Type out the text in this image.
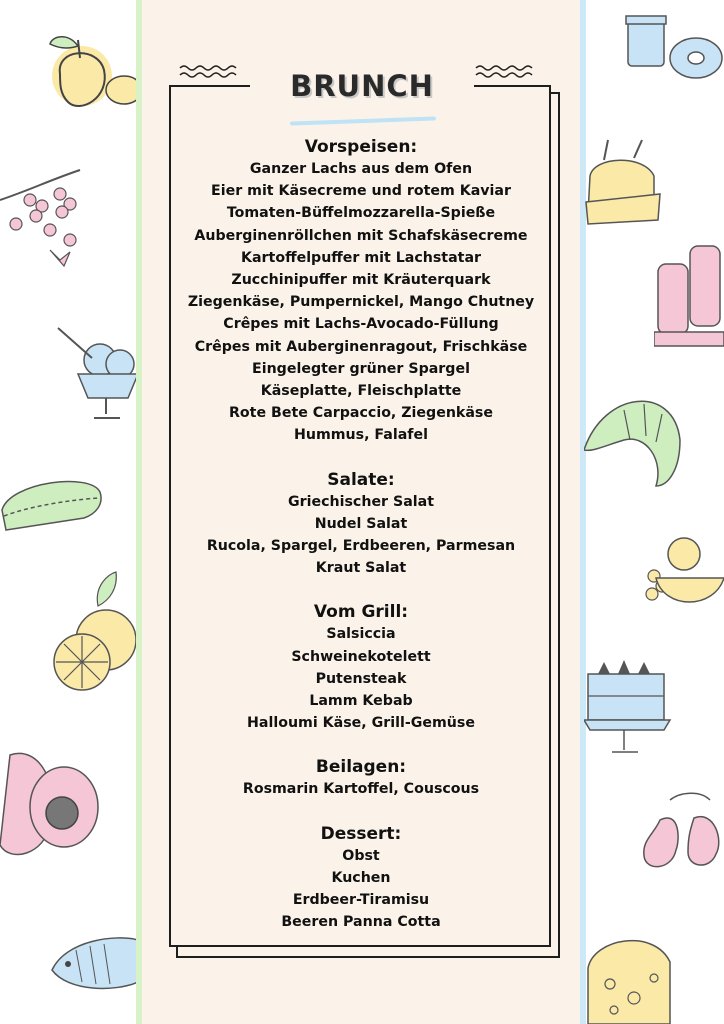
BRUNCH
Vorspeisen:
Ganzer Lachs aus dem Ofen
Eier mit Käsecreme und rotem Kaviar
Tomaten-Büffelmozzarella-Spieße
Auberginenröllchen mit Schafskäsecreme
Kartoffelpuffer mit Lachstatar
Zucchinipuffer mit Kräuterquark
Ziegenkäse, Pumpernickel, Mango Chutney
Crêpes mit Lachs-Avocado-Füllung
Crêpes mit Auberginenragout, Frischkäse
Eingelegter grüner Spargel
Käseplatte, Fleischplatte
Rote Bete Carpaccio, Ziegenkäse
Hummus, Falafel
Salate:
Griechischer Salat
Nudel Salat
Rucola, Spargel, Erdbeeren, Parmesan
Kraut Salat
Vom Grill:
Salsiccia
Schweinekotelett
Putensteak
Lamm Kebab
Halloumi Käse, Grill-Gemüse
Beilagen:
Rosmarin Kartoffel, Couscous
Dessert:
Obst
Kuchen
Erdbeer-Tiramisu
Beeren Panna Cotta
